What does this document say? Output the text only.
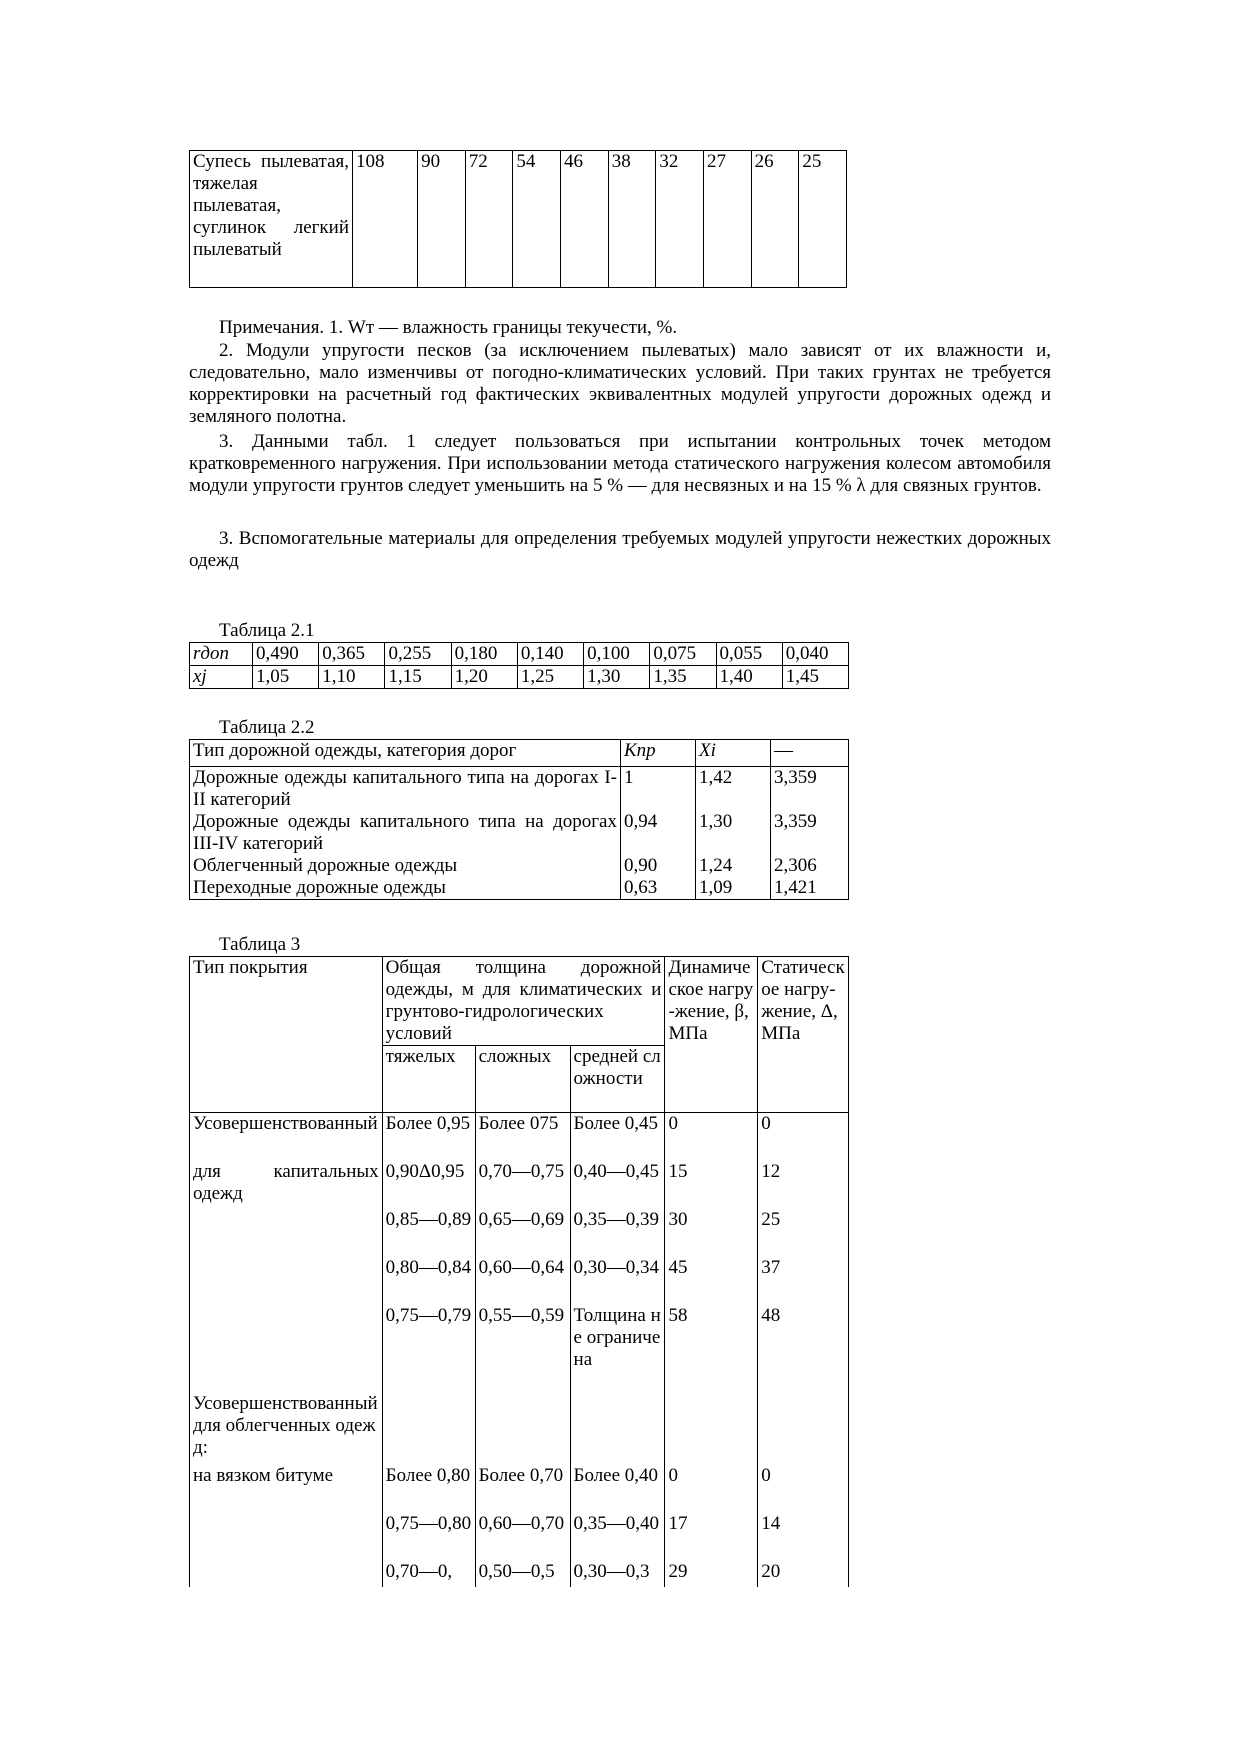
Супесь пылеватая, тяжелая пылеватая, суглинок легкий пылеватый	108	90	72	54	46	38	32	27	26	25
Примечания. 1. Wт — влажность границы текучести, %.
2. Модули упругости песков (за исключением пылеватых) мало зависят от их влажности и, следовательно, мало изменчивы от погодно-климатических условий. При таких грунтах не требуется корректировки на расчетный год фактических эквивалентных модулей упругости дорожных одежд и земляного полотна.
3. Данными табл. 1 следует пользоваться при испытании контрольных точек методом кратковременного нагружения. При использовании метода статического нагружения колесом автомобиля модули упругости грунтов следует уменьшить на 5 % — для несвязных и на 15 % λ для связных грунтов.
3. Вспомогательные материалы для определения требуемых модулей упругости нежестких дорожных одежд
Таблица 2.1
rдоп	0,490	0,365	0,255	0,180	0,140	0,100	0,075	0,055	0,040
xj	1,05	1,10	1,15	1,20	1,25	1,30	1,35	1,40	1,45
Таблица 2.2
Тип дорожной одежды, категория дорог	Kпр	Xi	—
Дорожные одежды капитального типа на дорогах I-II категорий	1	1,42	3,359
Дорожные одежды капитального типа на дорогах III-IV категорий	0,94	1,30	3,359
Облегченный дорожные одежды	0,90	1,24	2,306
Переходные дорожные одежды	0,63	1,09	1,421
Таблица 3
Тип покрытия	Общая толщина дорожной одежды, м для климатических и грунтово-гидрологических условий			Динамическое нагру-жение, β, МПа	Статическое нагру-жение, Δ, МПа
	тяжелых	сложных	средней сложности		
Усовершенствованный	Более 0,95	Более 075	Более 0,45	0	0

для капитальных одежд	0,90Δ0,95	0,70—0,75	0,40—0,45	15	12
	0,85—0,89	0,65—0,69	0,35—0,39	30	25
	0,80—0,84	0,60—0,64	0,30—0,34	45	37
	0,75—0,79	0,55—0,59	Толщина не ограничена	58	48
Усовершенствованный для облегченных одежд:					
на вязком битуме	Более 0,80	Более 0,70	Более 0,40	0	0
	0,75—0,80	0,60—0,70	0,35—0,40	17	14
	0,70—0,	0,50—0,5	0,30—0,3	29	20
